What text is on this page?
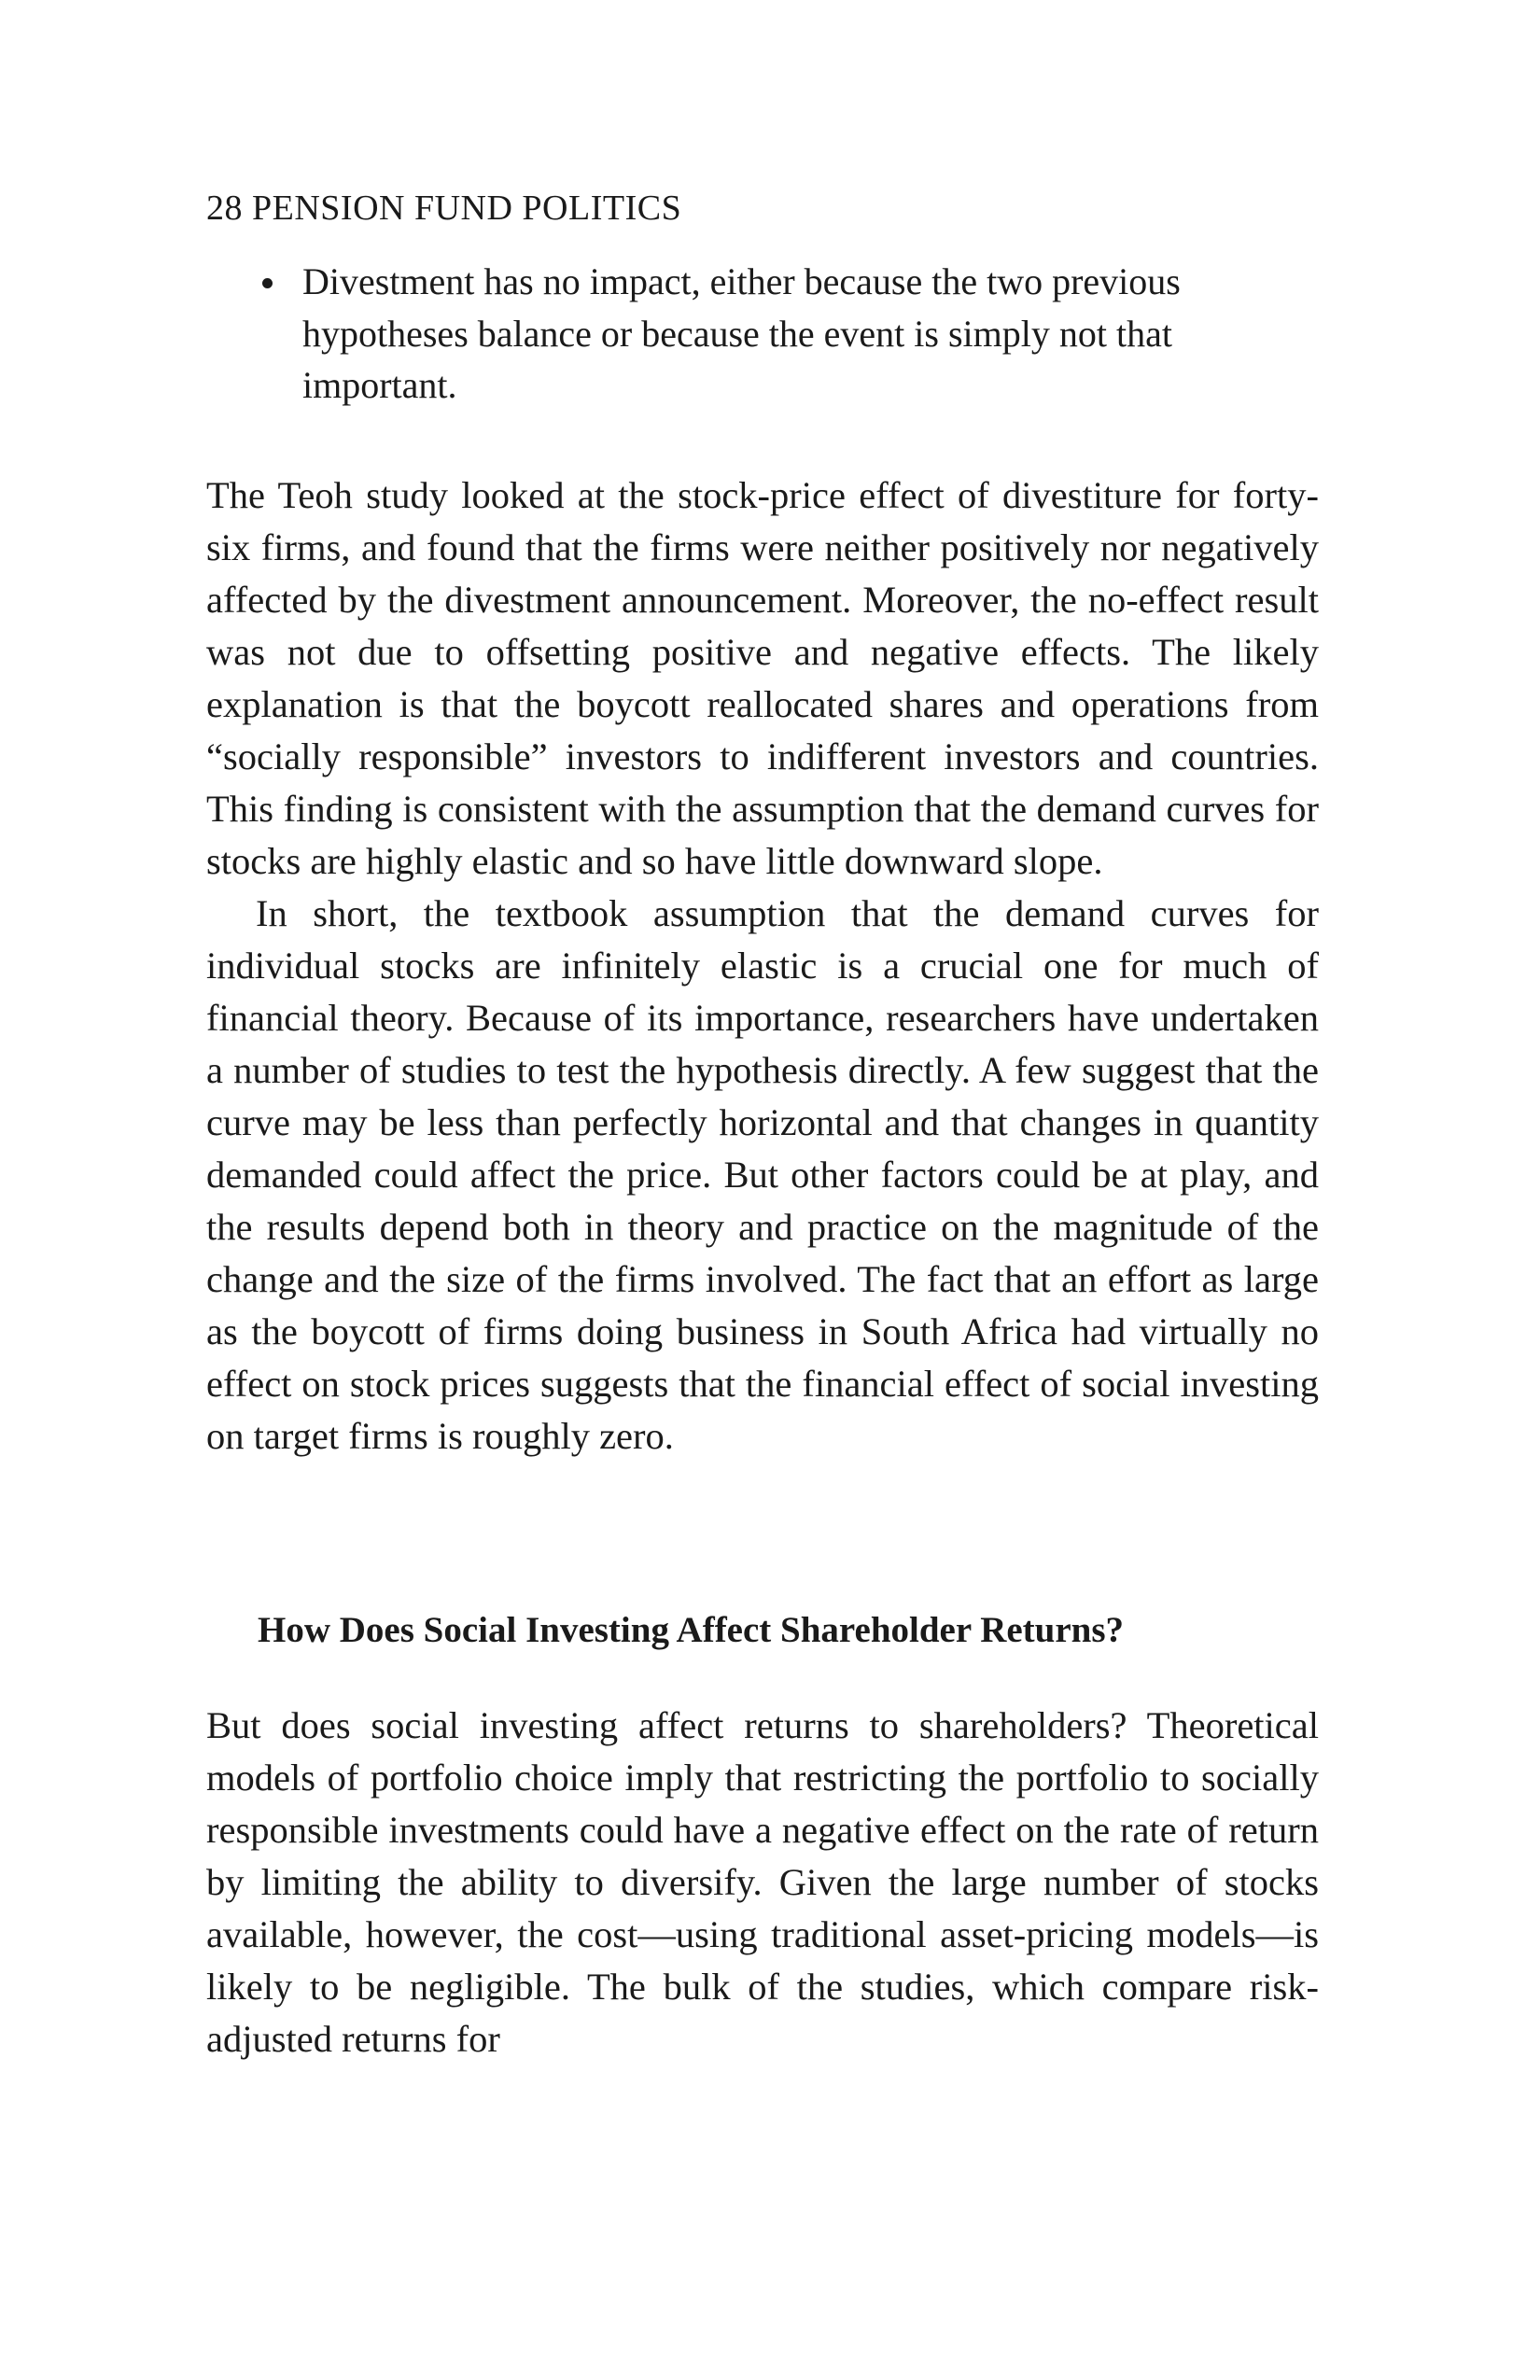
28 PENSION FUND POLITICS
Divestment has no impact, either because the two previous hypotheses balance or because the event is simply not that important.

The Teoh study looked at the stock-price effect of divestiture for forty-six firms, and found that the firms were neither positively nor negatively affected by the divestment announcement. Moreover, the no-effect result was not due to offsetting positive and negative effects. The likely explanation is that the boycott reallocated shares and operations from “socially responsible” investors to indifferent investors and countries. This finding is consistent with the assumption that the demand curves for stocks are highly elastic and so have little downward slope.

In short, the textbook assumption that the demand curves for individual stocks are infinitely elastic is a crucial one for much of financial theory. Because of its importance, researchers have undertaken a number of studies to test the hypothesis directly. A few suggest that the curve may be less than perfectly horizontal and that changes in quantity demanded could affect the price. But other factors could be at play, and the results depend both in theory and practice on the magnitude of the change and the size of the firms involved. The fact that an effort as large as the boycott of firms doing business in South Africa had virtually no effect on stock prices suggests that the financial effect of social investing on target firms is roughly zero.

How Does Social Investing Affect Shareholder Returns?

But does social investing affect returns to shareholders? Theoretical models of portfolio choice imply that restricting the portfolio to socially responsible investments could have a negative effect on the rate of return by limiting the ability to diversify. Given the large number of stocks available, however, the cost—using traditional asset-pricing models—is likely to be negligible. The bulk of the studies, which compare risk-adjusted returns for
